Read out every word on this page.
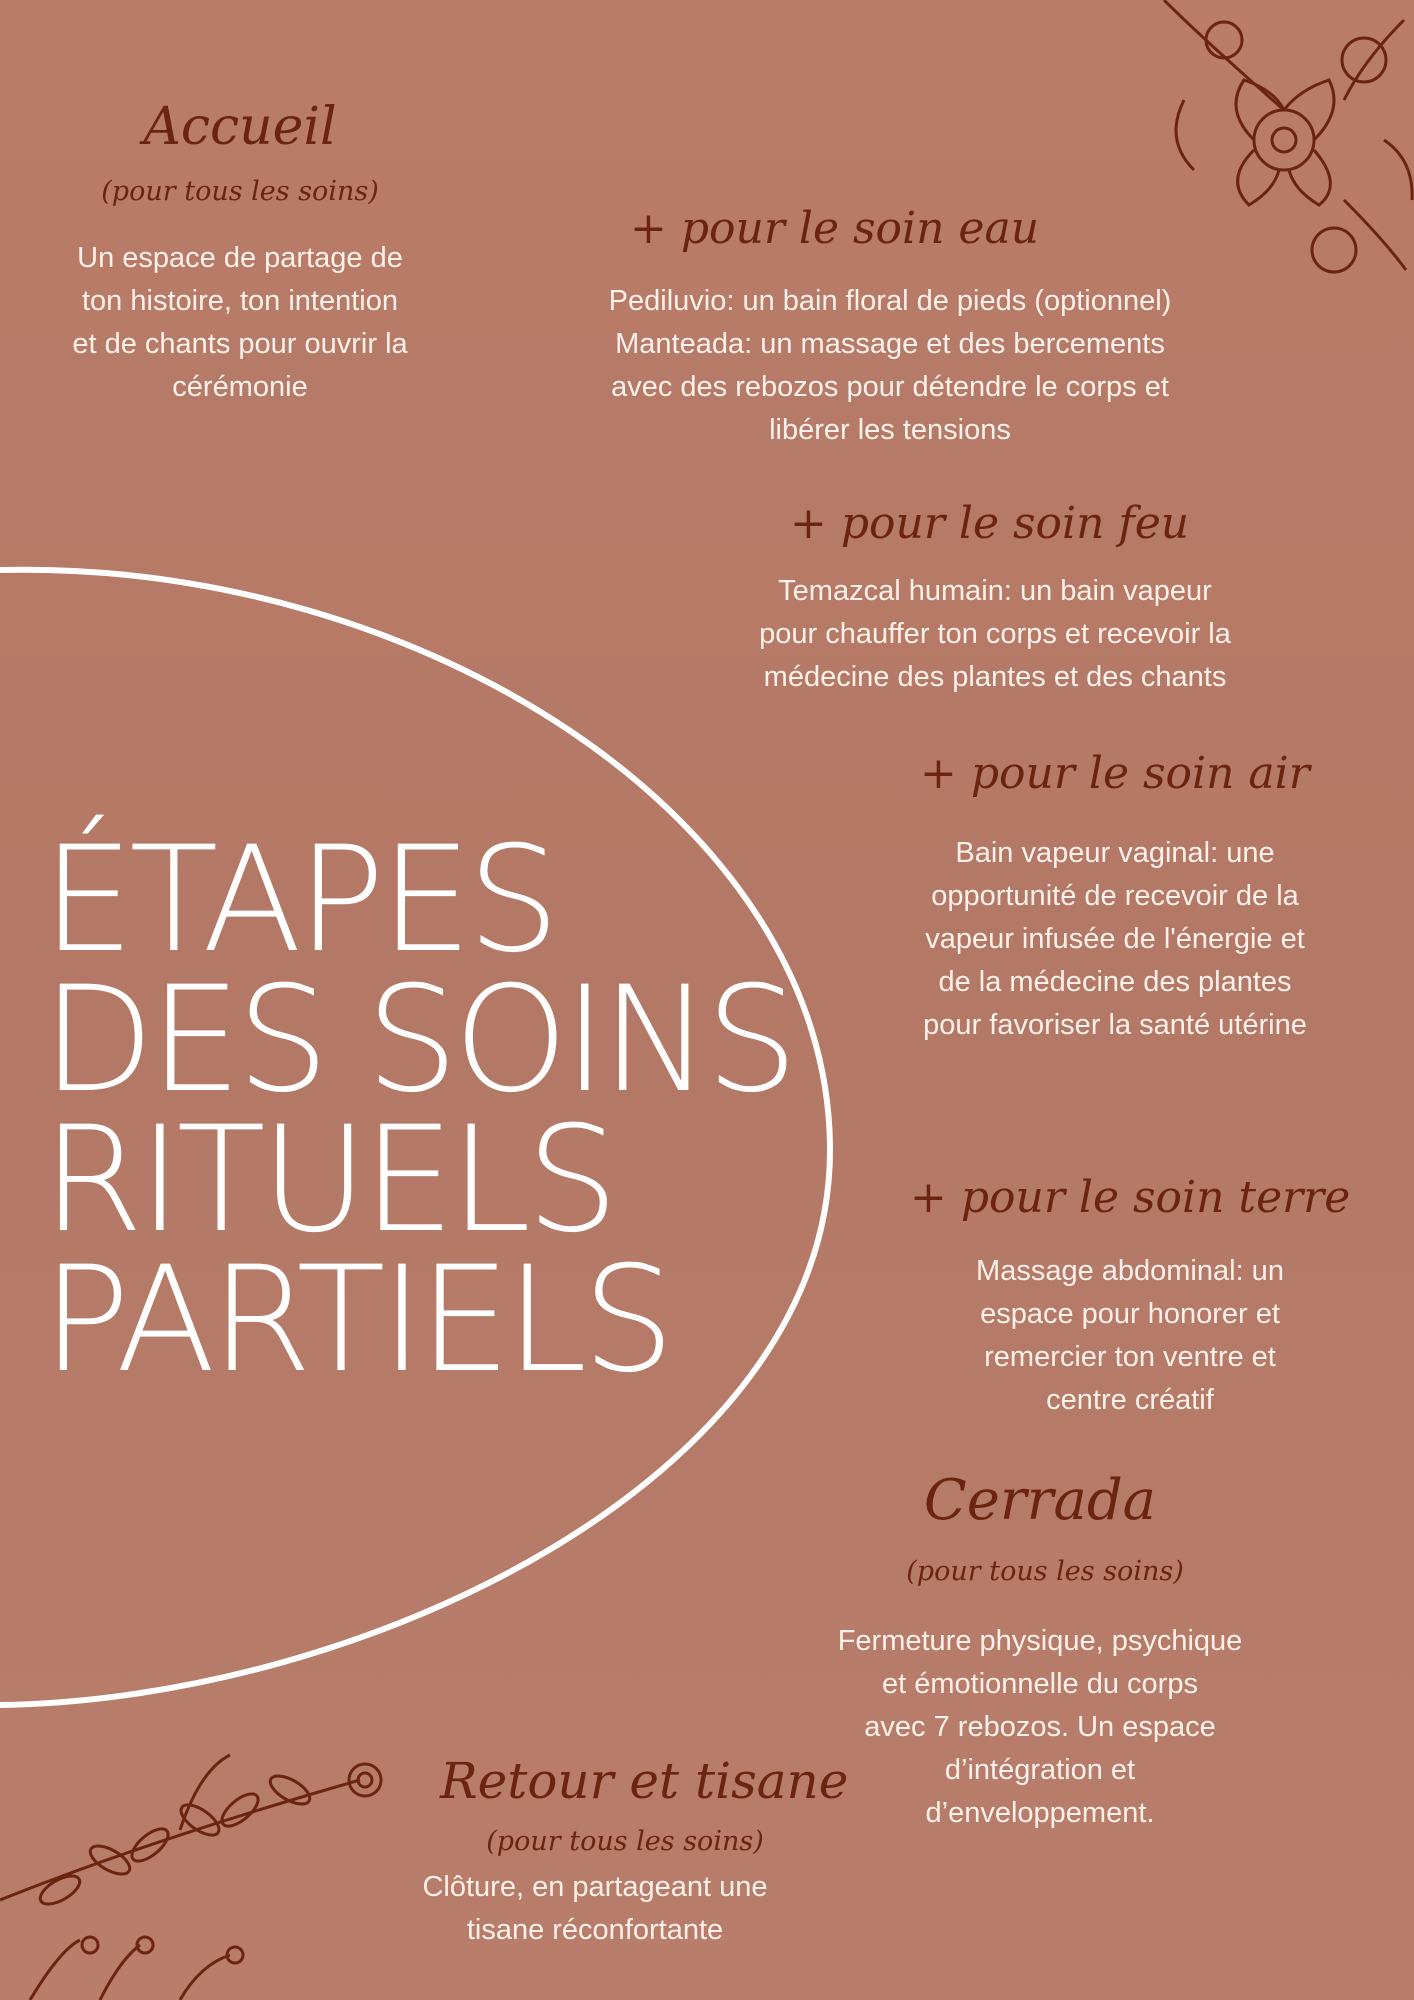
Accueil
(pour tous les soins)
Un espace de partage de
ton histoire, ton intention
et de chants pour ouvrir la
cérémonie
+ pour le soin eau
Pediluvio: un bain floral de pieds (optionnel)
Manteada: un massage et des bercements
avec des rebozos pour détendre le corps et
libérer les tensions
+ pour le soin feu
Temazcal humain: un bain vapeur
pour chauffer ton corps et recevoir la
médecine des plantes et des chants
+ pour le soin air
Bain vapeur vaginal: une
opportunité de recevoir de la
vapeur infusée de l'énergie et
de la médecine des plantes
pour favoriser la santé utérine
+ pour le soin terre
Massage abdominal: un
espace pour honorer et
remercier ton ventre et
centre créatif
Cerrada
(pour tous les soins)
Fermeture physique, psychique
et émotionnelle du corps
avec 7 rebozos. Un espace
d’intégration et
d’enveloppement.
Retour et tisane
(pour tous les soins)
Clôture, en partageant une
tisane réconfortante
ÉTAPES
DES SOINS
RITUELS
PARTIELS
